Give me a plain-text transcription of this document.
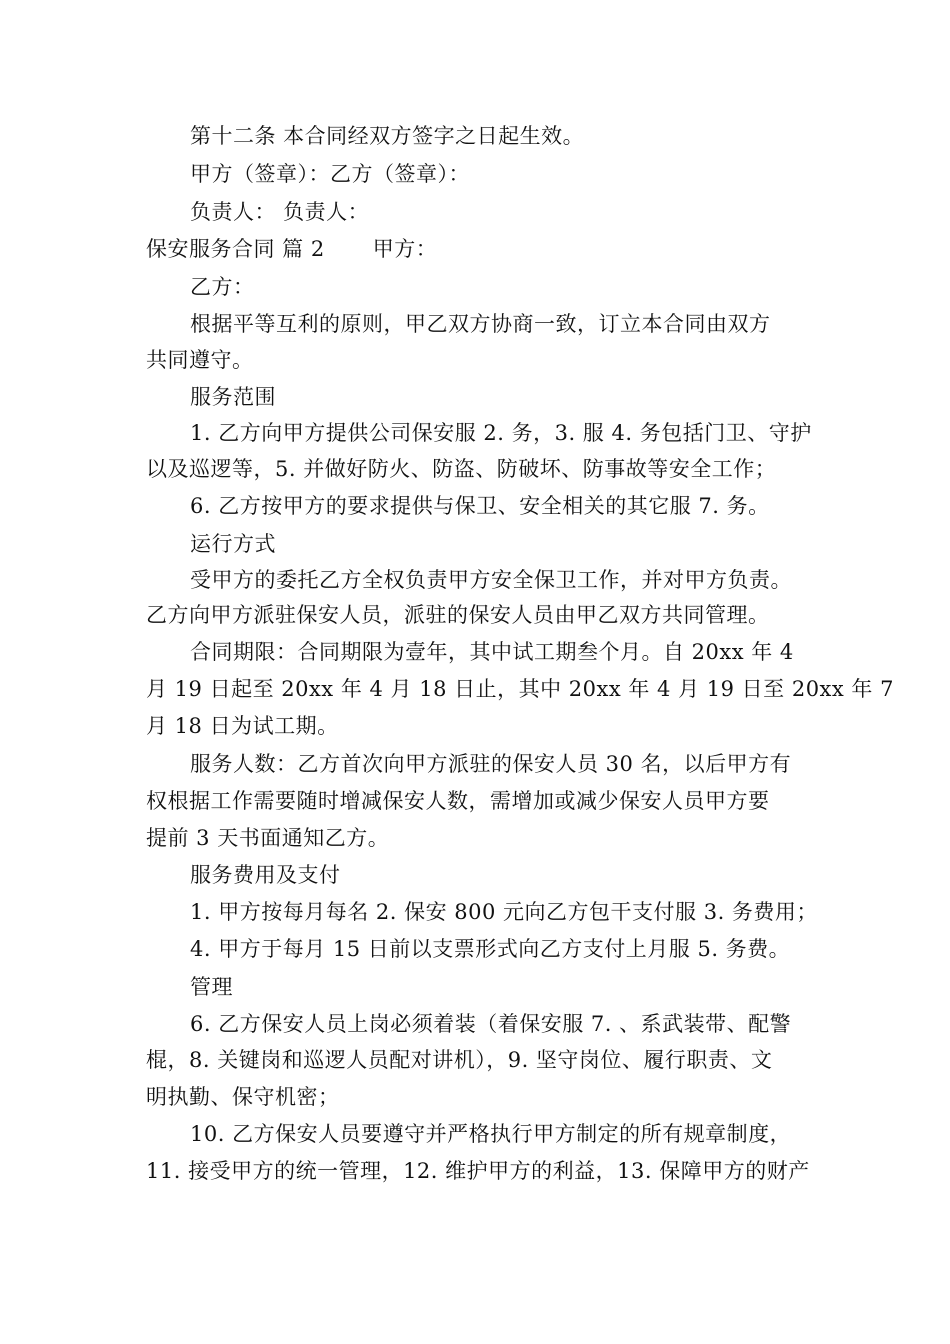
第十二条 本合同经双方签字之日起生效。
甲方（签章）：乙方（签章）：
负责人： 负责人：
保安服务合同 篇 2 甲方：
乙方：
根据平等互利的原则，甲乙双方协商一致，订立本合同由双方
共同遵守。
服务范围
1. 乙方向甲方提供公司保安服 2. 务，3. 服 4. 务包括门卫、守护
以及巡逻等，5. 并做好防火、防盗、防破坏、防事故等安全工作；
6. 乙方按甲方的要求提供与保卫、安全相关的其它服 7. 务。
运行方式
受甲方的委托乙方全权负责甲方安全保卫工作，并对甲方负责。
乙方向甲方派驻保安人员，派驻的保安人员由甲乙双方共同管理。
合同期限：合同期限为壹年，其中试工期叁个月。自 20xx 年 4
月 19 日起至 20xx 年 4 月 18 日止，其中 20xx 年 4 月 19 日至 20xx 年 7
月 18 日为试工期。
服务人数：乙方首次向甲方派驻的保安人员 30 名，以后甲方有
权根据工作需要随时增减保安人数，需增加或减少保安人员甲方要
提前 3 天书面通知乙方。
服务费用及支付
1. 甲方按每月每名 2. 保安 800 元向乙方包干支付服 3. 务费用；
4. 甲方于每月 15 日前以支票形式向乙方支付上月服 5. 务费。
管理
6. 乙方保安人员上岗必须着装（着保安服 7. 、系武装带、配警
棍，8. 关键岗和巡逻人员配对讲机），9. 坚守岗位、履行职责、文
明执勤、保守机密；
10. 乙方保安人员要遵守并严格执行甲方制定的所有规章制度，
11. 接受甲方的统一管理，12. 维护甲方的利益，13. 保障甲方的财产
